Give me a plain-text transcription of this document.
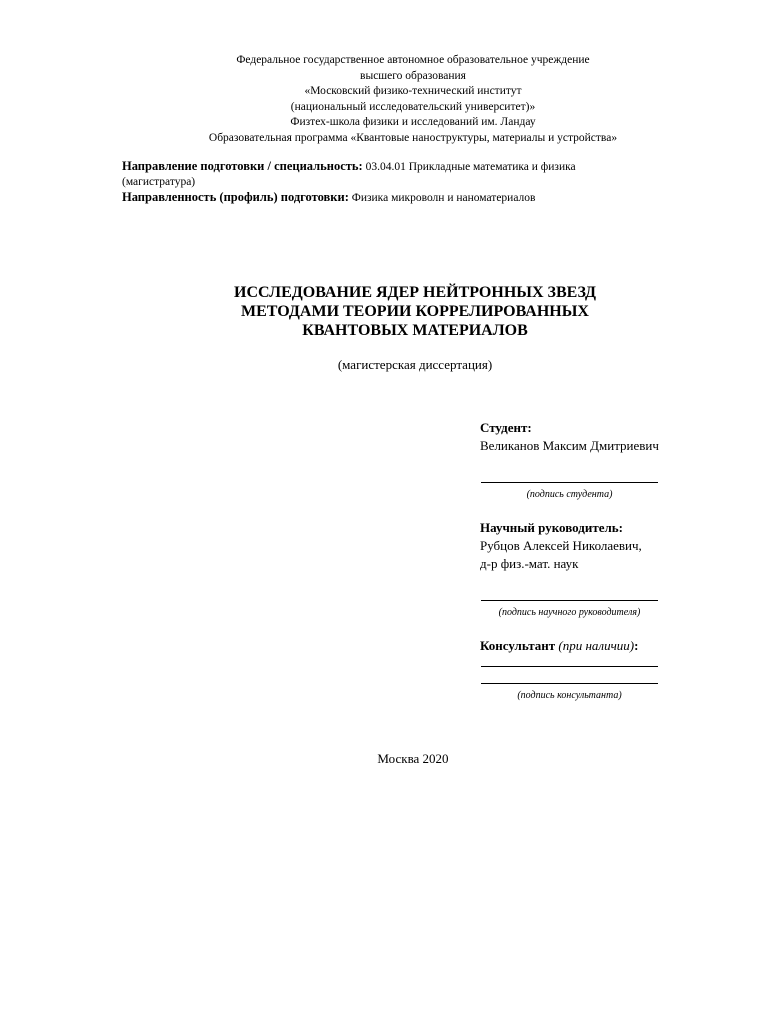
Федеральное государственное автономное образовательное учреждение
высшего образования
«Московский физико-технический институт
(национальный исследовательский университет)»
Физтех-школа физики и исследований им. Ландау
Образовательная программа «Квантовые наноструктуры, материалы и устройства»
Направление подготовки / специальность: 03.04.01 Прикладные математика и физика
(магистратура)
Направленность (профиль) подготовки: Физика микроволн и наноматериалов
ИССЛЕДОВАНИЕ ЯДЕР НЕЙТРОННЫХ ЗВЕЗД
МЕТОДАМИ ТЕОРИИ КОРРЕЛИРОВАННЫХ
КВАНТОВЫХ МАТЕРИАЛОВ
(магистерская диссертация)
Студент:
Великанов Максим Дмитриевич
(подпись студента)
Научный руководитель:
Рубцов Алексей Николаевич,
д-р физ.-мат. наук
(подпись научного руководителя)
Консультант (при наличии):
(подпись консультанта)
Москва 2020
